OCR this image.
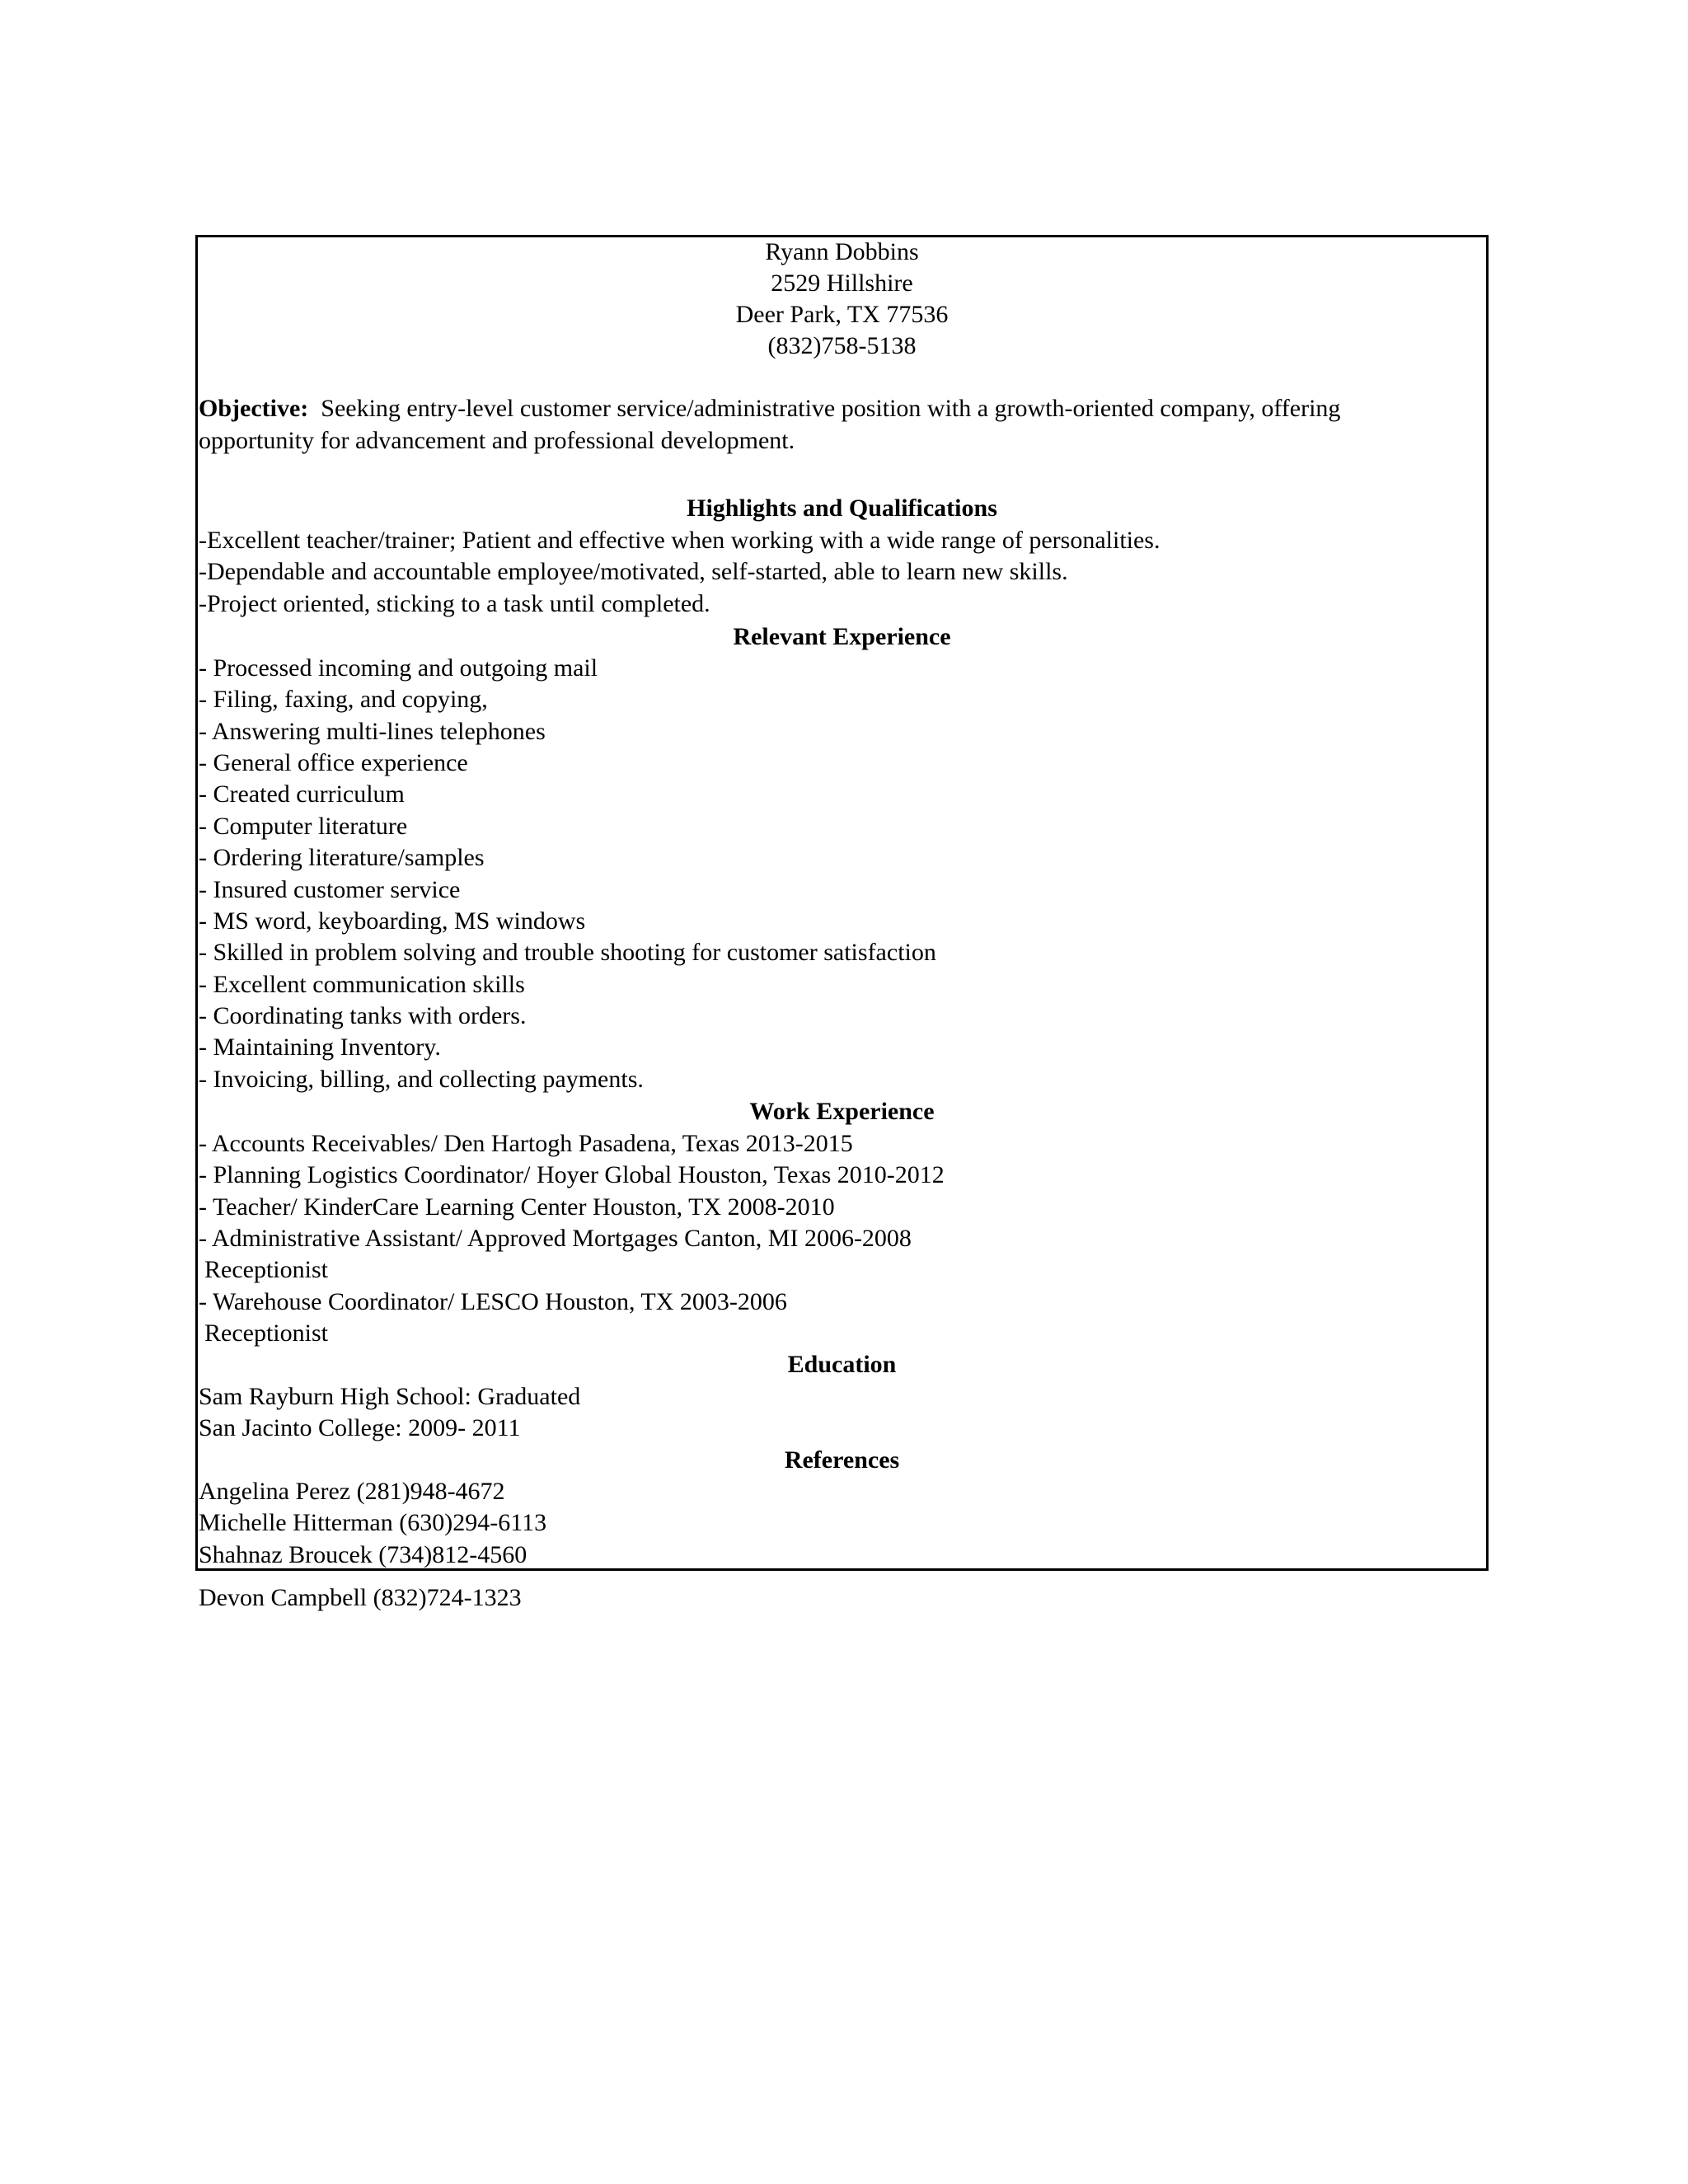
Ryann Dobbins
2529 Hillshire
Deer Park, TX 77536
(832)758-5138
Objective: Seeking entry-level customer service/administrative position with a growth-oriented company, offering
opportunity for advancement and professional development.
Highlights and Qualifications
-Excellent teacher/trainer; Patient and effective when working with a wide range of personalities.
-Dependable and accountable employee/motivated, self-started, able to learn new skills.
-Project oriented, sticking to a task until completed.
Relevant Experience
- Processed incoming and outgoing mail
- Filing, faxing, and copying,
- Answering multi-lines telephones
- General office experience
- Created curriculum
- Computer literature
- Ordering literature/samples
- Insured customer service
- MS word, keyboarding, MS windows
- Skilled in problem solving and trouble shooting for customer satisfaction
- Excellent communication skills
- Coordinating tanks with orders.
- Maintaining Inventory.
- Invoicing, billing, and collecting payments.
Work Experience
- Accounts Receivables/ Den Hartogh Pasadena, Texas 2013-2015
- Planning Logistics Coordinator/ Hoyer Global Houston, Texas 2010-2012
- Teacher/ KinderCare Learning Center Houston, TX 2008-2010
- Administrative Assistant/ Approved Mortgages Canton, MI 2006-2008
Receptionist
- Warehouse Coordinator/ LESCO Houston, TX 2003-2006
Receptionist
Education
Sam Rayburn High School: Graduated
San Jacinto College: 2009- 2011
References
Angelina Perez (281)948-4672
Michelle Hitterman (630)294-6113
Shahnaz Broucek (734)812-4560
Devon Campbell (832)724-1323
